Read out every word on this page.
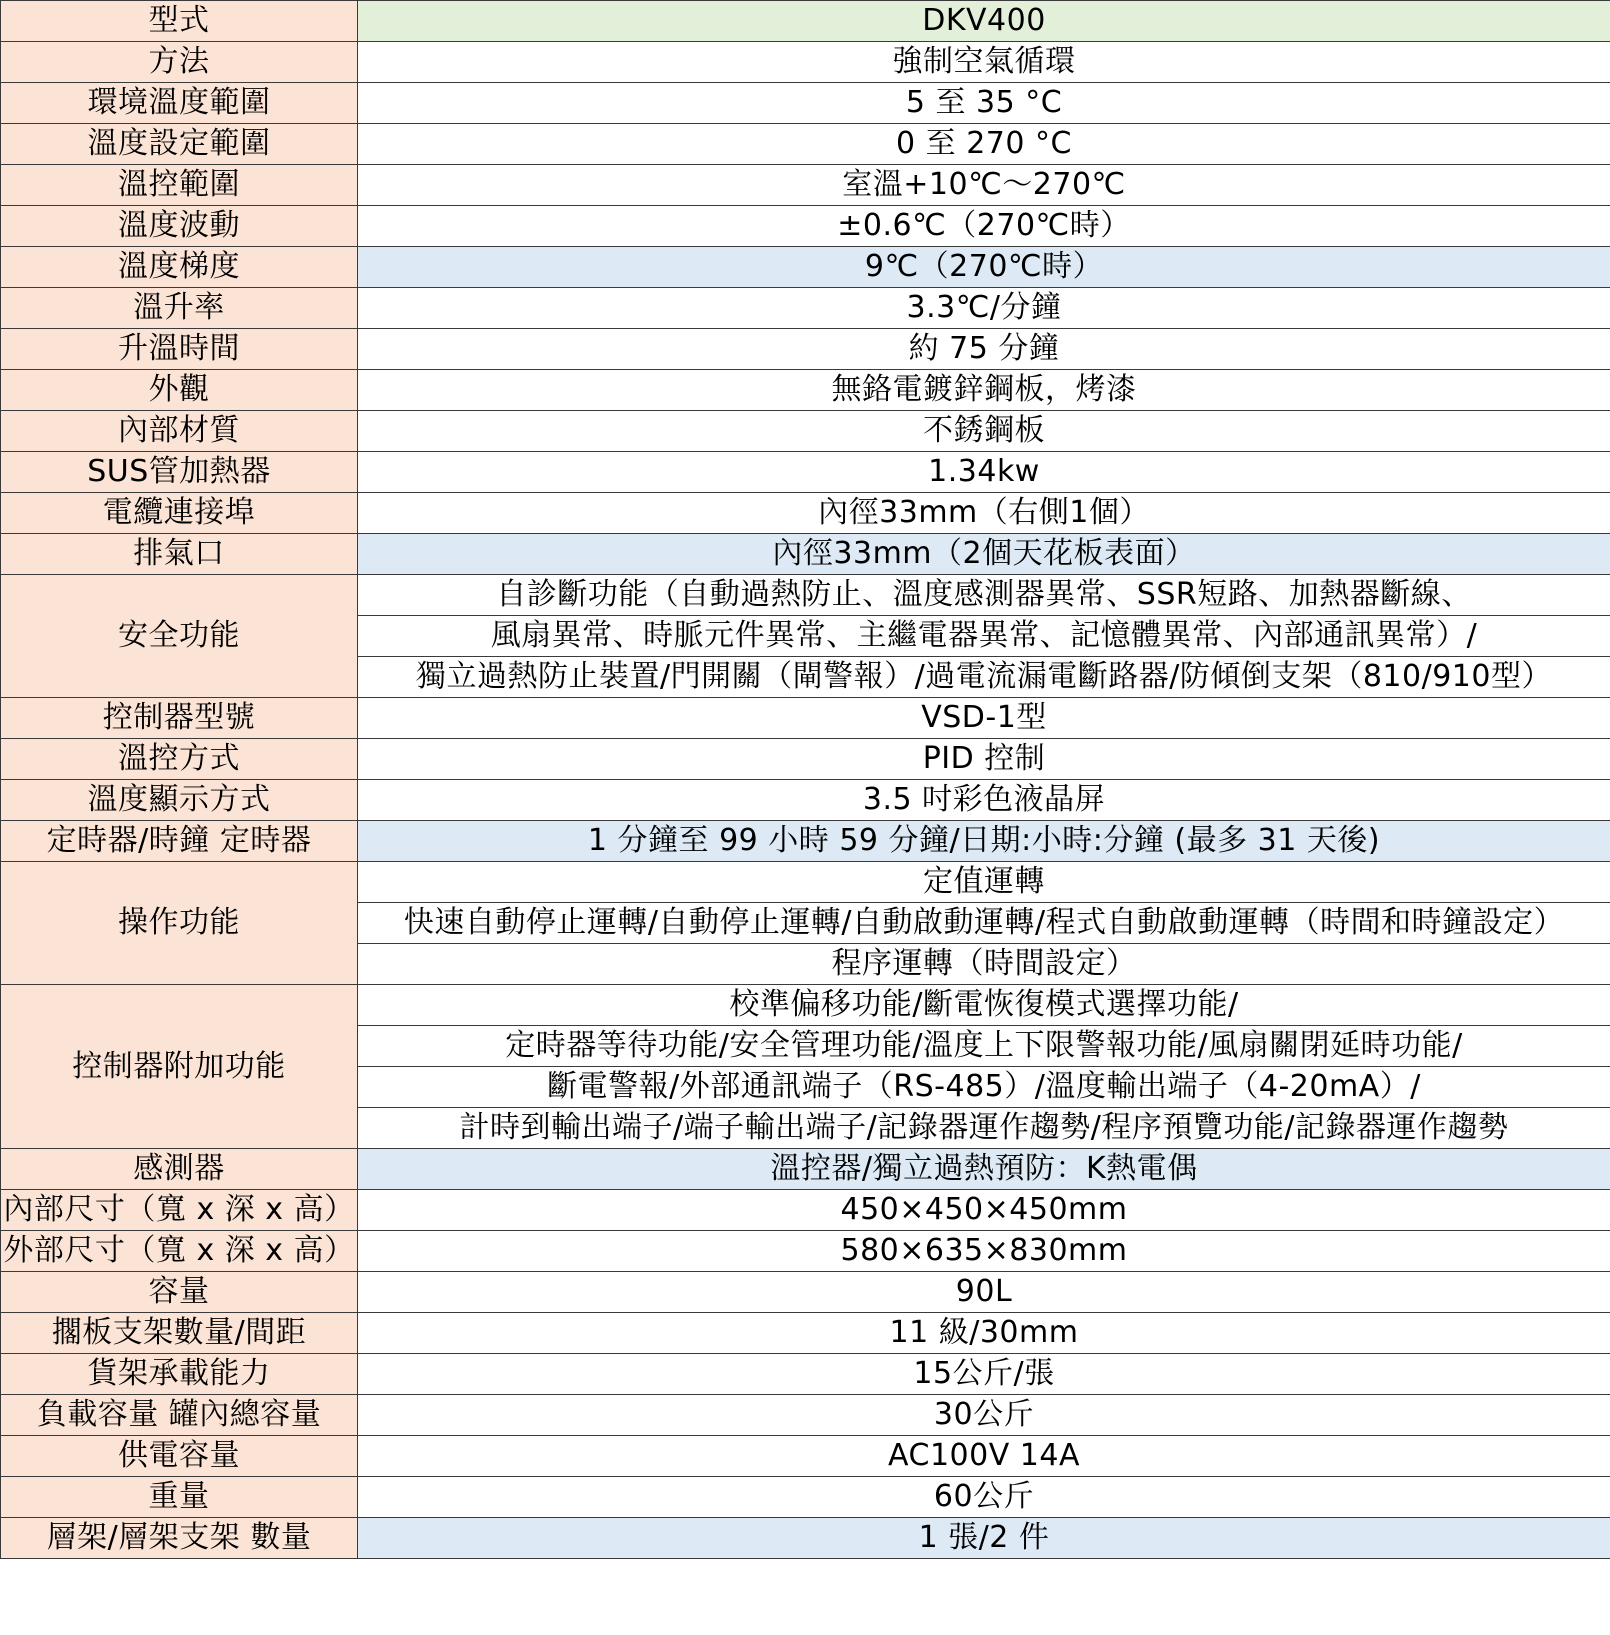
型式	DKV400
方法	強制空氣循環
環境溫度範圍	5 至 35 °C
溫度設定範圍	0 至 270 °C
溫控範圍	室溫+10℃～270℃
溫度波動	±0.6℃（270℃時）
溫度梯度	9℃（270℃時）
溫升率	3.3℃/分鐘
升溫時間	約 75 分鐘
外觀	無鉻電鍍鋅鋼板，烤漆
內部材質	不銹鋼板
SUS管加熱器	1.34kw
電纜連接埠	內徑33mm（右側1個）
排氣口	內徑33mm（2個天花板表面）
安全功能	自診斷功能（自動過熱防止、溫度感測器異常、SSR短路、加熱器斷線、
	風扇異常、時脈元件異常、主繼電器異常、記憶體異常、內部通訊異常）/
	獨立過熱防止裝置/門開關（閘警報）/過電流漏電斷路器/防傾倒支架（810/910型）
控制器型號	VSD-1型
溫控方式	PID 控制
溫度顯示方式	3.5 吋彩色液晶屏
定時器/時鐘 定時器	1 分鐘至 99 小時 59 分鐘/日期:小時:分鐘 (最多 31 天後)
操作功能	定值運轉
	快速自動停止運轉/自動停止運轉/自動啟動運轉/程式自動啟動運轉（時間和時鐘設定）
	程序運轉（時間設定）
控制器附加功能	校準偏移功能/斷電恢復模式選擇功能/
	定時器等待功能/安全管理功能/溫度上下限警報功能/風扇關閉延時功能/
	斷電警報/外部通訊端子（RS-485）/溫度輸出端子（4-20mA）/
	計時到輸出端子/端子輸出端子/記錄器運作趨勢/程序預覽功能/記錄器運作趨勢
感測器	溫控器/獨立過熱預防：K熱電偶
內部尺寸（寬 x 深 x 高）	450×450×450mm
外部尺寸（寬 x 深 x 高）	580×635×830mm
容量	90L
擱板支架數量/間距	11 級/30mm
貨架承載能力	15公斤/張
負載容量 罐內總容量	30公斤
供電容量	AC100V 14A
重量	60公斤
層架/層架支架 數量	1 張/2 件
